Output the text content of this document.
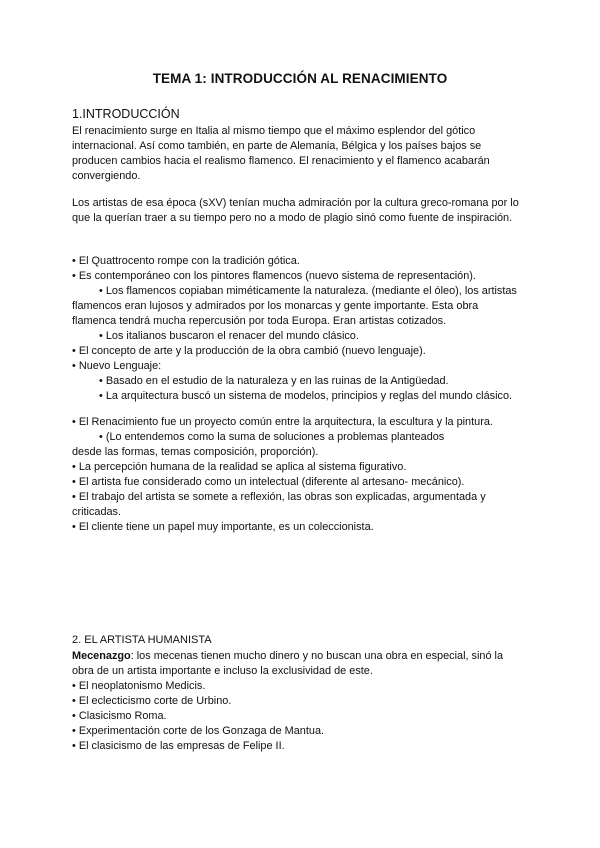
TEMA 1: INTRODUCCIÓN AL RENACIMIENTO
1.INTRODUCCIÓN
El renacimiento surge en Italia al mismo tiempo que el máximo esplendor del gótico
internacional. Así como también, en parte de Alemania, Bélgica y los países bajos se
producen cambios hacia el realismo flamenco. El renacimiento y el flamenco acabarán
convergiendo.
Los artistas de esa época (sXV) tenían mucha admiración por la cultura greco-romana por lo
que la querían traer a su tiempo pero no a modo de plagio sinó como fuente de inspiración.
• El Quattrocento rompe con la tradición gótica.
• Es contemporáneo con los pintores flamencos (nuevo sistema de representación).
• Los flamencos copiaban miméticamente la naturaleza. (mediante el óleo), los artistas
flamencos eran lujosos y admirados por los monarcas y gente importante. Esta obra
flamenca tendrá mucha repercusión por toda Europa. Eran artistas cotizados.
• Los italianos buscaron el renacer del mundo clásico.
• El concepto de arte y la producción de la obra cambió (nuevo lenguaje).
• Nuevo Lenguaje:
• Basado en el estudio de la naturaleza y en las ruinas de la Antigüedad.
• La arquitectura buscó un sistema de modelos, principios y reglas del mundo clásico.
• El Renacimiento fue un proyecto común entre la arquitectura, la escultura y la pintura.
• (Lo entendemos como la suma de soluciones a problemas planteados
desde las formas, temas composición, proporción).
• La percepción humana de la realidad se aplica al sistema figurativo.
• El artista fue considerado como un intelectual (diferente al artesano- mecánico).
• El trabajo del artista se somete a reflexión, las obras son explicadas, argumentada y
criticadas.
• El cliente tiene un papel muy importante, es un coleccionista.
2. EL ARTISTA HUMANISTA
Mecenazgo: los mecenas tienen mucho dinero y no buscan una obra en especial, sinó la
obra de un artista importante e incluso la exclusividad de este.
• El neoplatonismo Medicis.
• El eclecticismo corte de Urbino.
• Clasicismo Roma.
• Experimentación corte de los Gonzaga de Mantua.
• El clasicismo de las empresas de Felipe II.
